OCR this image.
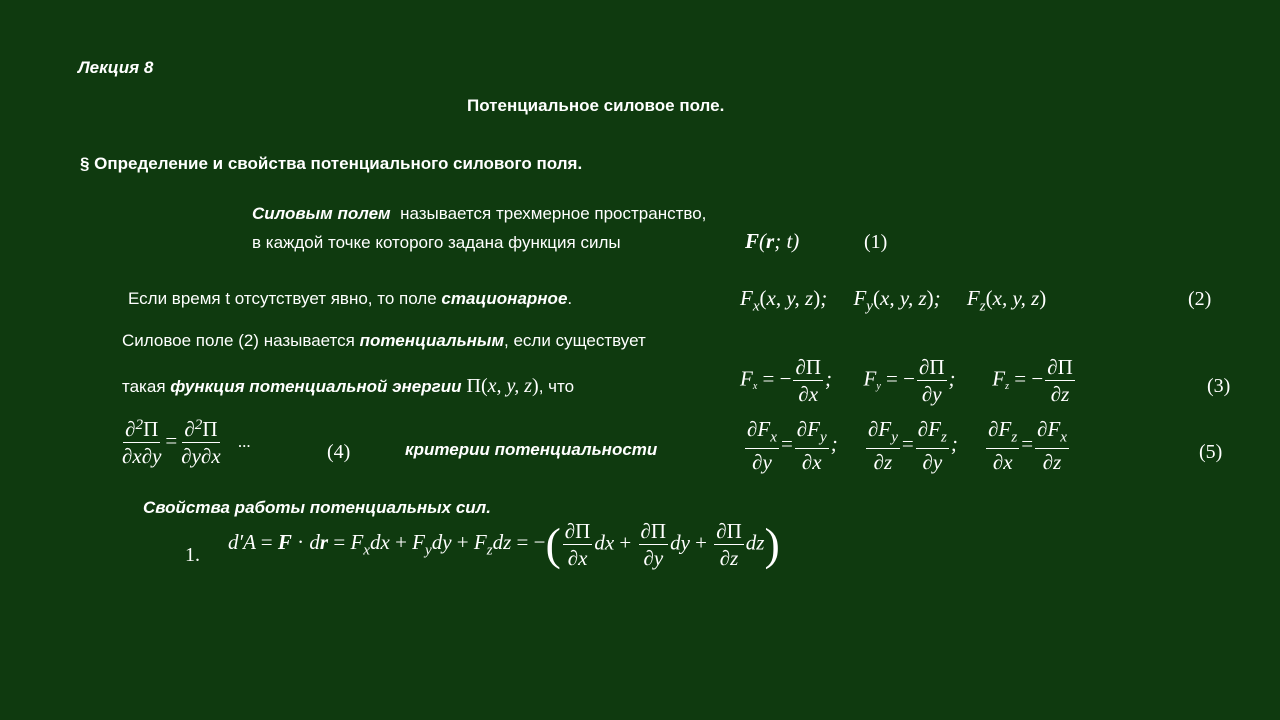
Лекция 8
Потенциальное силовое поле.
§ Определение и свойства потенциального силового поля.
Силовым полем  называется трехмерное пространство,
в каждой точке которого задана функция силы	F(r; t)	(1)
Если время t отсутствует явно, то поле стационарное.	$F_x(x$, y, z);     $F_y(x$, y, z);     $F_z(x$, y, z)	(2)
Силовое поле (2) называется потенциальным, если существует
такая функция потенциальной энергии Π(x, y, z), что	$F_x$ = − $\frac{\partial\Pi}{\partial x}$ ;      $F_y$ = − $\frac{\partial\Pi}{\partial y}$ ;       $F_z$ = − $\frac{\partial\Pi}{\partial z}$	(3)
$\frac{\partial^2\Pi}{\partial x\partial y} = \frac{\partial^2\Pi}{\partial y\partial x}$ ...	(4)	критерии потенциальности	$\frac{\partial F_x}{\partial y} = \frac{\partial F_y}{\partial x}$ ; $\frac{\partial F_y}{\partial z} = \frac{\partial F_z}{\partial y}$ ; $\frac{\partial F_z}{\partial x} = \frac{\partial F_x}{\partial z}$	(5)
Свойства работы потенциальных сил.
1.
d′A = F · dr = $F_xdx + F_ydy + F_zdz$ = −( $\frac{\partial\Pi}{\partial x}$ dx + $\frac{\partial\Pi}{\partial y}$ dy + $\frac{\partial\Pi}{\partial z} dz$)
